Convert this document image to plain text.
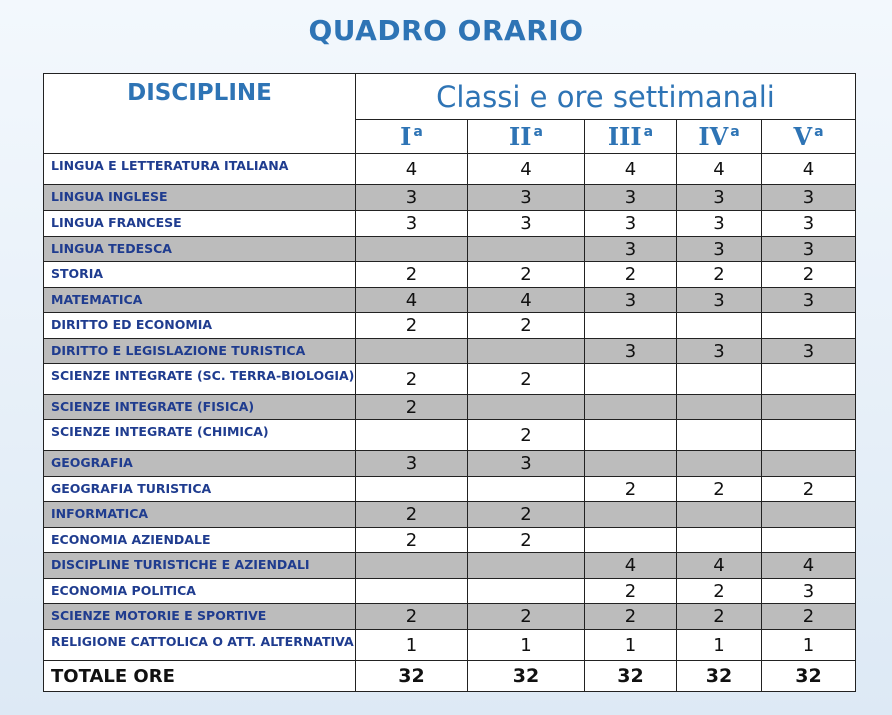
QUADRO ORARIO
DISCIPLINE	Classi e ore settimanali				
	I $^a$	II $^a$	III $^a$	IV $^a$	V $^a$
LINGUA E LETTERATURA ITALIANA	4	4	4	4	4
LINGUA INGLESE	3	3	3	3	3
LINGUA FRANCESE	3	3	3	3	3
LINGUA TEDESCA			3	3	3
STORIA	2	2	2	2	2
MATEMATICA	4	4	3	3	3
DIRITTO ED ECONOMIA	2	2			
DIRITTO E LEGISLAZIONE TURISTICA			3	3	3
SCIENZE INTEGRATE (SC. TERRA-BIOLOGIA)	2	2			
SCIENZE INTEGRATE (FISICA)	2				
SCIENZE INTEGRATE (CHIMICA)		2			
GEOGRAFIA	3	3			
GEOGRAFIA TURISTICA			2	2	2
INFORMATICA	2	2			
ECONOMIA AZIENDALE	2	2			
DISCIPLINE TURISTICHE E AZIENDALI			4	4	4
ECONOMIA POLITICA			2	2	3
SCIENZE MOTORIE E SPORTIVE	2	2	2	2	2
RELIGIONE CATTOLICA O ATT. ALTERNATIVA	1	1	1	1	1
TOTALE ORE	32	32	32	32	32
